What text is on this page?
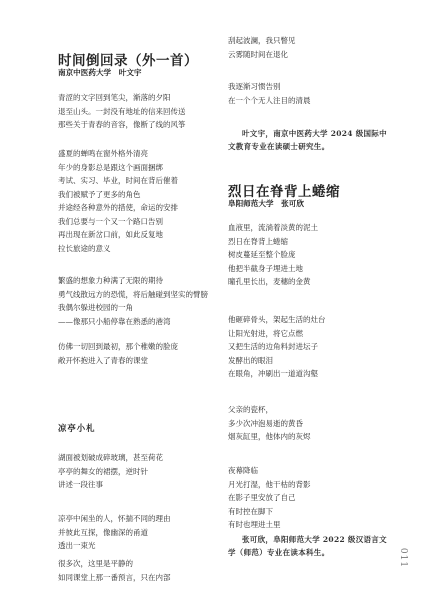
时间倒回录（外一首）
南京中医药大学　叶文宇
青涩的文字回到笔尖，渐落的夕阳
退至山头。一封没有地址的信来回传送
那些关于青春的音容，像断了线的风筝
盛夏的蝉鸣在窗外格外清亮
年少的身影总是跟这个画面捆绑
考试、实习、毕业，时间在背后催着
我们被赋予了更多的角色
并途经各种意外的措使，命运的安排
我们总要与一个又一个路口告别
再出现在新岔口前，如此反复地
拉长旅途的意义
繁盛的想象力种满了无限的期待
勇气线散远方的恐慌，将后触碰到坚实的臂膀
我偶尔躲进校园的一角
——像那只小船停靠在熟悉的港湾
仿佛一切回到最初，那个稚嫩的脸庞
敞开怀抱进入了青春的课堂
凉亭小札
湖面被划破成碎玻璃，甚至荷花
亭亭的舞女的裙摆，逆时针
讲述一段往事
凉亭中闲坐的人，怀揣不同的理由
并彼此互探，像幽深的甬道
透出一束光
很多次，这里是平静的
如同课堂上那一番预言，只在内部
刮起波澜，我只瞥见
云雾随时间在退化
我逐渐习惯告别
在一个个无人注目的清晨
叶文宇，南京中医药大学 2024 级国际中文教育专业在读硕士研究生。
烈日在脊背上蜷缩
阜阳师范大学　张可欣
血液里，流淌着淡黄的泥土
烈日在脊背上蜷缩
树皮蔓延至整个脸庞
他把半截身子埋进土地
瞳孔里长出，麦穗的金黄
他砸碎骨头，架起生活的灶台
让阳光射进，将它点燃
又把生活的边角料封进坛子
发酵出的眼泪
在眼角，冲刷出一道道沟壑
父亲的瓷杯，
多少次冲泡易逝的黄昏
烟灰缸里，他体内的灰烬
夜幕降临
月光打湿，他干枯的背影
在影子里安放了自己
有时控在脚下
有时也埋进土里
张可欣，阜阳师范大学 2022 级汉语言文学（师范）专业在读本科生。	011
